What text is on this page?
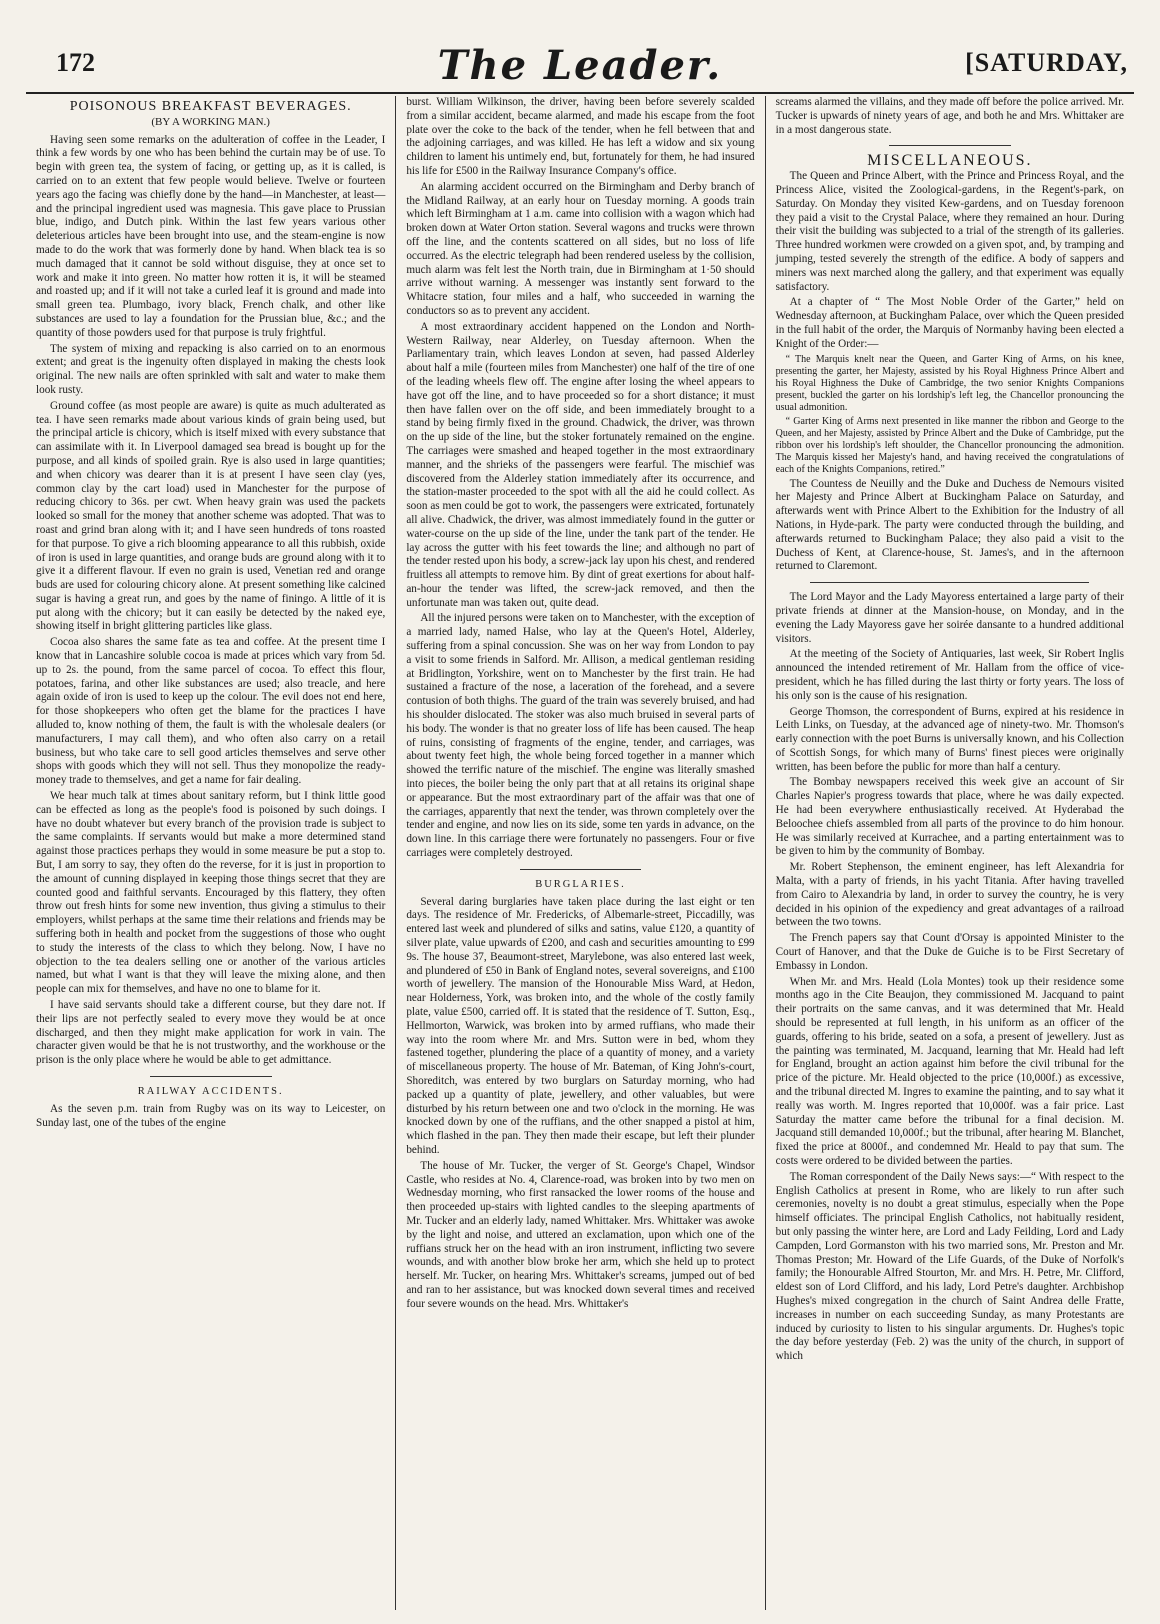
172	The Leader.	[SATURDAY,
POISONOUS BREAKFAST BEVERAGES.
(BY A WORKING MAN.)

Having seen some remarks on the adulteration of coffee in the Leader, I think a few words by one who has been behind the curtain may be of use. To begin with green tea, the system of facing, or getting up, as it is called, is carried on to an extent that few people would believe. Twelve or fourteen years ago the facing was chiefly done by the hand—in Manchester, at least—and the principal ingredient used was magnesia. This gave place to Prussian blue, indigo, and Dutch pink. Within the last few years various other deleterious articles have been brought into use, and the steam-engine is now made to do the work that was formerly done by hand. When black tea is so much damaged that it cannot be sold without disguise, they at once set to work and make it into green. No matter how rotten it is, it will be steamed and roasted up; and if it will not take a curled leaf it is ground and made into small green tea. Plumbago, ivory black, French chalk, and other like substances are used to lay a foundation for the Prussian blue, &c.; and the quantity of those powders used for that purpose is truly frightful.

The system of mixing and repacking is also carried on to an enormous extent; and great is the ingenuity often displayed in making the chests look original. The new nails are often sprinkled with salt and water to make them look rusty.

Ground coffee (as most people are aware) is quite as much adulterated as tea. I have seen remarks made about various kinds of grain being used, but the principal article is chicory, which is itself mixed with every substance that can assimilate with it. In Liverpool damaged sea bread is bought up for the purpose, and all kinds of spoiled grain. Rye is also used in large quantities; and when chicory was dearer than it is at present I have seen clay (yes, common clay by the cart load) used in Manchester for the purpose of reducing chicory to 36s. per cwt. When heavy grain was used the packets looked so small for the money that another scheme was adopted. That was to roast and grind bran along with it; and I have seen hundreds of tons roasted for that purpose. To give a rich blooming appearance to all this rubbish, oxide of iron is used in large quantities, and orange buds are ground along with it to give it a different flavour. If even no grain is used, Venetian red and orange buds are used for colouring chicory alone. At present something like calcined sugar is having a great run, and goes by the name of finingo. A little of it is put along with the chicory; but it can easily be detected by the naked eye, showing itself in bright glittering particles like glass.

Cocoa also shares the same fate as tea and coffee. At the present time I know that in Lancashire soluble cocoa is made at prices which vary from 5d. up to 2s. the pound, from the same parcel of cocoa. To effect this flour, potatoes, farina, and other like substances are used; also treacle, and here again oxide of iron is used to keep up the colour. The evil does not end here, for those shopkeepers who often get the blame for the practices I have alluded to, know nothing of them, the fault is with the wholesale dealers (or manufacturers, I may call them), and who often also carry on a retail business, but who take care to sell good articles themselves and serve other shops with goods which they will not sell. Thus they monopolize the ready-money trade to themselves, and get a name for fair dealing.

We hear much talk at times about sanitary reform, but I think little good can be effected as long as the people's food is poisoned by such doings. I have no doubt whatever but every branch of the provision trade is subject to the same complaints. If servants would but make a more determined stand against those practices perhaps they would in some measure be put a stop to. But, I am sorry to say, they often do the reverse, for it is just in proportion to the amount of cunning displayed in keeping those things secret that they are counted good and faithful servants. Encouraged by this flattery, they often throw out fresh hints for some new invention, thus giving a stimulus to their employers, whilst perhaps at the same time their relations and friends may be suffering both in health and pocket from the suggestions of those who ought to study the interests of the class to which they belong. Now, I have no objection to the tea dealers selling one or another of the various articles named, but what I want is that they will leave the mixing alone, and then people can mix for themselves, and have no one to blame for it.

I have said servants should take a different course, but they dare not. If their lips are not perfectly sealed to every move they would be at once discharged, and then they might make application for work in vain. The character given would be that he is not trustworthy, and the workhouse or the prison is the only place where he would be able to get admittance.

RAILWAY ACCIDENTS.

As the seven p.m. train from Rugby was on its way to Leicester, on Sunday last, one of the tubes of the engine

burst. William Wilkinson, the driver, having been before severely scalded from a similar accident, became alarmed, and made his escape from the foot plate over the coke to the back of the tender, when he fell between that and the adjoining carriages, and was killed. He has left a widow and six young children to lament his untimely end, but, fortunately for them, he had insured his life for £500 in the Railway Insurance Company's office.

An alarming accident occurred on the Birmingham and Derby branch of the Midland Railway, at an early hour on Tuesday morning. A goods train which left Birmingham at 1 a.m. came into collision with a wagon which had broken down at Water Orton station. Several wagons and trucks were thrown off the line, and the contents scattered on all sides, but no loss of life occurred. As the electric telegraph had been rendered useless by the collision, much alarm was felt lest the North train, due in Birmingham at 1·50 should arrive without warning. A messenger was instantly sent forward to the Whitacre station, four miles and a half, who succeeded in warning the conductors so as to prevent any accident.

A most extraordinary accident happened on the London and North-Western Railway, near Alderley, on Tuesday afternoon. When the Parliamentary train, which leaves London at seven, had passed Alderley about half a mile (fourteen miles from Manchester) one half of the tire of one of the leading wheels flew off. The engine after losing the wheel appears to have got off the line, and to have proceeded so for a short distance; it must then have fallen over on the off side, and been immediately brought to a stand by being firmly fixed in the ground. Chadwick, the driver, was thrown on the up side of the line, but the stoker fortunately remained on the engine. The carriages were smashed and heaped together in the most extraordinary manner, and the shrieks of the passengers were fearful. The mischief was discovered from the Alderley station immediately after its occurrence, and the station-master proceeded to the spot with all the aid he could collect. As soon as men could be got to work, the passengers were extricated, fortunately all alive. Chadwick, the driver, was almost immediately found in the gutter or water-course on the up side of the line, under the tank part of the tender. He lay across the gutter with his feet towards the line; and although no part of the tender rested upon his body, a screw-jack lay upon his chest, and rendered fruitless all attempts to remove him. By dint of great exertions for about half-an-hour the tender was lifted, the screw-jack removed, and then the unfortunate man was taken out, quite dead.

All the injured persons were taken on to Manchester, with the exception of a married lady, named Halse, who lay at the Queen's Hotel, Alderley, suffering from a spinal concussion. She was on her way from London to pay a visit to some friends in Salford. Mr. Allison, a medical gentleman residing at Bridlington, Yorkshire, went on to Manchester by the first train. He had sustained a fracture of the nose, a laceration of the forehead, and a severe contusion of both thighs. The guard of the train was severely bruised, and had his shoulder dislocated. The stoker was also much bruised in several parts of his body. The wonder is that no greater loss of life has been caused. The heap of ruins, consisting of fragments of the engine, tender, and carriages, was about twenty feet high, the whole being forced together in a manner which showed the terrific nature of the mischief. The engine was literally smashed into pieces, the boiler being the only part that at all retains its original shape or appearance. But the most extraordinary part of the affair was that one of the carriages, apparently that next the tender, was thrown completely over the tender and engine, and now lies on its side, some ten yards in advance, on the down line. In this carriage there were fortunately no passengers. Four or five carriages were completely destroyed.

BURGLARIES.

Several daring burglaries have taken place during the last eight or ten days. The residence of Mr. Fredericks, of Albemarle-street, Piccadilly, was entered last week and plundered of silks and satins, value £120, a quantity of silver plate, value upwards of £200, and cash and securities amounting to £99 9s. The house 37, Beaumont-street, Marylebone, was also entered last week, and plundered of £50 in Bank of England notes, several sovereigns, and £100 worth of jewellery. The mansion of the Honourable Miss Ward, at Hedon, near Holderness, York, was broken into, and the whole of the costly family plate, value £500, carried off. It is stated that the residence of T. Sutton, Esq., Hellmorton, Warwick, was broken into by armed ruffians, who made their way into the room where Mr. and Mrs. Sutton were in bed, whom they fastened together, plundering the place of a quantity of money, and a variety of miscellaneous property. The house of Mr. Bateman, of King John's-court, Shoreditch, was entered by two burglars on Saturday morning, who had packed up a quantity of plate, jewellery, and other valuables, but were disturbed by his return between one and two o'clock in the morning. He was knocked down by one of the ruffians, and the other snapped a pistol at him, which flashed in the pan. They then made their escape, but left their plunder behind.

The house of Mr. Tucker, the verger of St. George's Chapel, Windsor Castle, who resides at No. 4, Clarence-road, was broken into by two men on Wednesday morning, who first ransacked the lower rooms of the house and then proceeded up-stairs with lighted candles to the sleeping apartments of Mr. Tucker and an elderly lady, named Whittaker. Mrs. Whittaker was awoke by the light and noise, and uttered an exclamation, upon which one of the ruffians struck her on the head with an iron instrument, inflicting two severe wounds, and with another blow broke her arm, which she held up to protect herself. Mr. Tucker, on hearing Mrs. Whittaker's screams, jumped out of bed and ran to her assistance, but was knocked down several times and received four severe wounds on the head. Mrs. Whittaker's

screams alarmed the villains, and they made off before the police arrived. Mr. Tucker is upwards of ninety years of age, and both he and Mrs. Whittaker are in a most dangerous state.

MISCELLANEOUS.

The Queen and Prince Albert, with the Prince and Princess Royal, and the Princess Alice, visited the Zoological-gardens, in the Regent's-park, on Saturday. On Monday they visited Kew-gardens, and on Tuesday forenoon they paid a visit to the Crystal Palace, where they remained an hour. During their visit the building was subjected to a trial of the strength of its galleries. Three hundred workmen were crowded on a given spot, and, by tramping and jumping, tested severely the strength of the edifice. A body of sappers and miners was next marched along the gallery, and that experiment was equally satisfactory.

At a chapter of “ The Most Noble Order of the Garter,” held on Wednesday afternoon, at Buckingham Palace, over which the Queen presided in the full habit of the order, the Marquis of Normanby having been elected a Knight of the Order:—

“ The Marquis knelt near the Queen, and Garter King of Arms, on his knee, presenting the garter, her Majesty, assisted by his Royal Highness Prince Albert and his Royal Highness the Duke of Cambridge, the two senior Knights Companions present, buckled the garter on his lordship's left leg, the Chancellor pronouncing the usual admonition.

“ Garter King of Arms next presented in like manner the ribbon and George to the Queen, and her Majesty, assisted by Prince Albert and the Duke of Cambridge, put the ribbon over his lordship's left shoulder, the Chancellor pronouncing the admonition. The Marquis kissed her Majesty's hand, and having received the congratulations of each of the Knights Companions, retired.”

The Countess de Neuilly and the Duke and Duchess de Nemours visited her Majesty and Prince Albert at Buckingham Palace on Saturday, and afterwards went with Prince Albert to the Exhibition for the Industry of all Nations, in Hyde-park. The party were conducted through the building, and afterwards returned to Buckingham Palace; they also paid a visit to the Duchess of Kent, at Clarence-house, St. James's, and in the afternoon returned to Claremont.

The Lord Mayor and the Lady Mayoress entertained a large party of their private friends at dinner at the Mansion-house, on Monday, and in the evening the Lady Mayoress gave her soirée dansante to a hundred additional visitors.

At the meeting of the Society of Antiquaries, last week, Sir Robert Inglis announced the intended retirement of Mr. Hallam from the office of vice-president, which he has filled during the last thirty or forty years. The loss of his only son is the cause of his resignation.

George Thomson, the correspondent of Burns, expired at his residence in Leith Links, on Tuesday, at the advanced age of ninety-two. Mr. Thomson's early connection with the poet Burns is universally known, and his Collection of Scottish Songs, for which many of Burns' finest pieces were originally written, has been before the public for more than half a century.

The Bombay newspapers received this week give an account of Sir Charles Napier's progress towards that place, where he was daily expected. He had been everywhere enthusiastically received. At Hyderabad the Beloochee chiefs assembled from all parts of the province to do him honour. He was similarly received at Kurrachee, and a parting entertainment was to be given to him by the community of Bombay.

Mr. Robert Stephenson, the eminent engineer, has left Alexandria for Malta, with a party of friends, in his yacht Titania. After having travelled from Cairo to Alexandria by land, in order to survey the country, he is very decided in his opinion of the expediency and great advantages of a railroad between the two towns.

The French papers say that Count d'Orsay is appointed Minister to the Court of Hanover, and that the Duke de Guiche is to be First Secretary of Embassy in London.

When Mr. and Mrs. Heald (Lola Montes) took up their residence some months ago in the Cite Beaujon, they commissioned M. Jacquand to paint their portraits on the same canvas, and it was determined that Mr. Heald should be represented at full length, in his uniform as an officer of the guards, offering to his bride, seated on a sofa, a present of jewellery. Just as the painting was terminated, M. Jacquand, learning that Mr. Heald had left for England, brought an action against him before the civil tribunal for the price of the picture. Mr. Heald objected to the price (10,000f.) as excessive, and the tribunal directed M. Ingres to examine the painting, and to say what it really was worth. M. Ingres reported that 10,000f. was a fair price. Last Saturday the matter came before the tribunal for a final decision. M. Jacquand still demanded 10,000f.; but the tribunal, after hearing M. Blanchet, fixed the price at 8000f., and condemned Mr. Heald to pay that sum. The costs were ordered to be divided between the parties.

The Roman correspondent of the Daily News says:—“ With respect to the English Catholics at present in Rome, who are likely to run after such ceremonies, novelty is no doubt a great stimulus, especially when the Pope himself officiates. The principal English Catholics, not habitually resident, but only passing the winter here, are Lord and Lady Feilding, Lord and Lady Campden, Lord Gormanston with his two married sons, Mr. Preston and Mr. Thomas Preston; Mr. Howard of the Life Guards, of the Duke of Norfolk's family; the Honourable Alfred Stourton, Mr. and Mrs. H. Petre, Mr. Clifford, eldest son of Lord Clifford, and his lady, Lord Petre's daughter. Archbishop Hughes's mixed congregation in the church of Saint Andrea delle Fratte, increases in number on each succeeding Sunday, as many Protestants are induced by curiosity to listen to his singular arguments. Dr. Hughes's topic the day before yesterday (Feb. 2) was the unity of the church, in support of which
